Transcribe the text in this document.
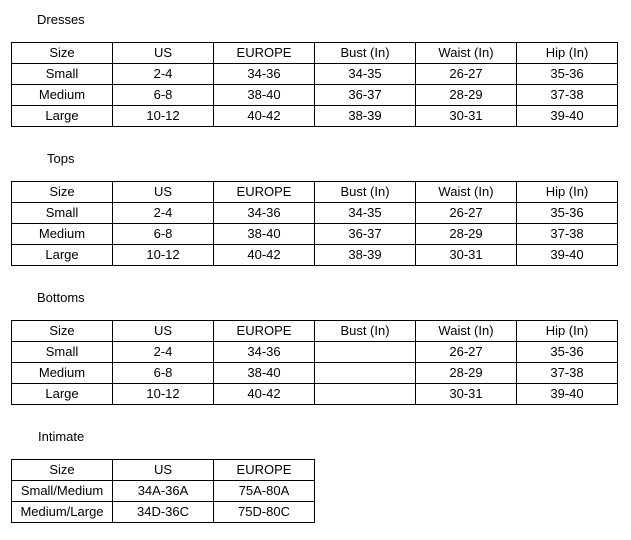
Dresses
Size	US	EUROPE	Bust (In)	Waist (In)	Hip (In)
Small	2-4	34-36	34-35	26-27	35-36
Medium	6-8	38-40	36-37	28-29	37-38
Large	10-12	40-42	38-39	30-31	39-40
Tops
Size	US	EUROPE	Bust (In)	Waist (In)	Hip (In)
Small	2-4	34-36	34-35	26-27	35-36
Medium	6-8	38-40	36-37	28-29	37-38
Large	10-12	40-42	38-39	30-31	39-40
Bottoms
Size	US	EUROPE	Bust (In)	Waist (In)	Hip (In)
Small	2-4	34-36		26-27	35-36
Medium	6-8	38-40		28-29	37-38
Large	10-12	40-42		30-31	39-40
Intimate
Size	US	EUROPE
Small/Medium	34A-36A	75A-80A
Medium/Large	34D-36C	75D-80C
